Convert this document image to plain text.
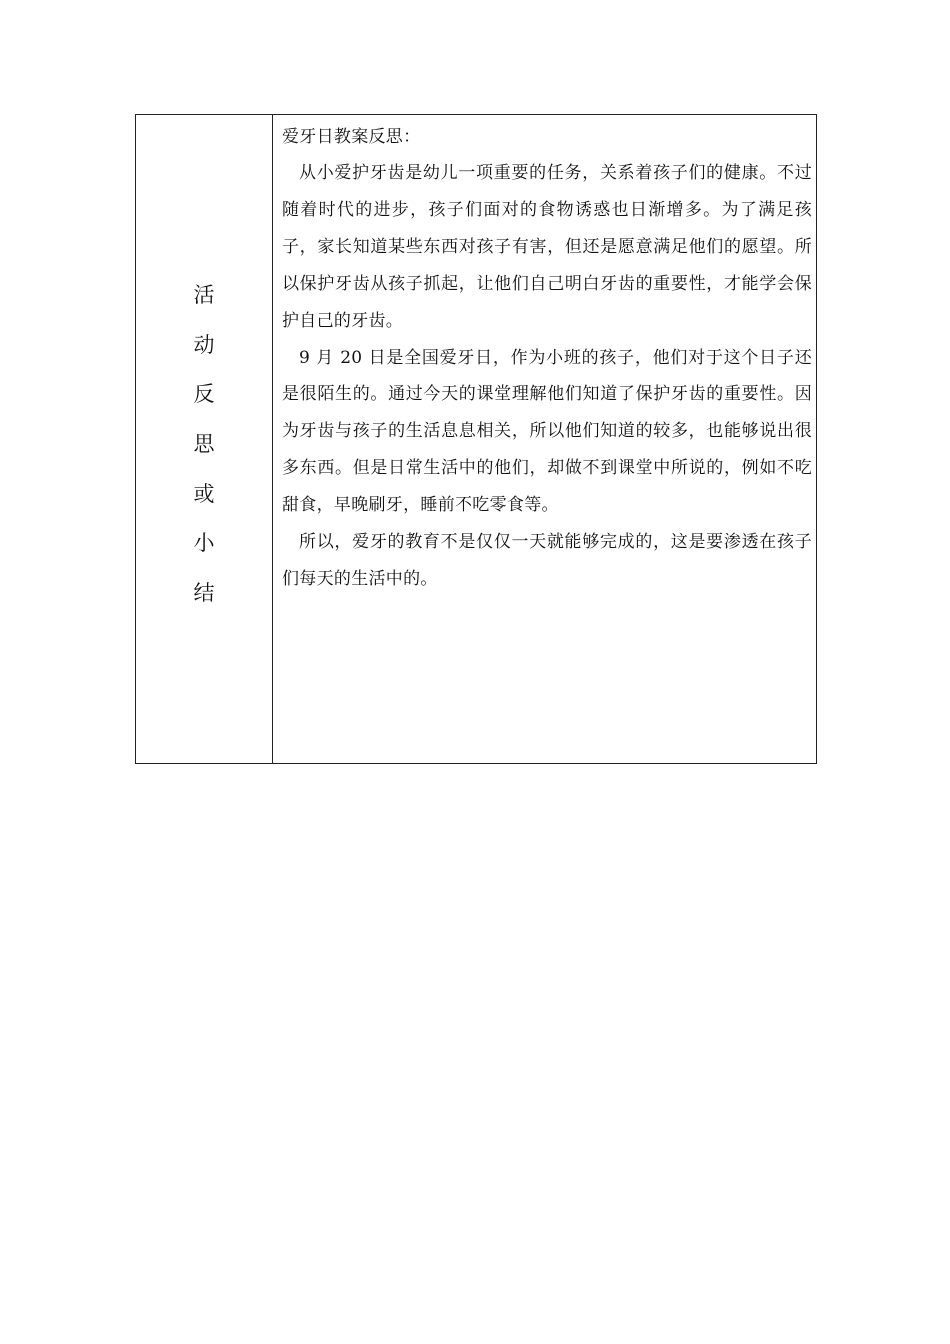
活
动
反
思
或
小
结

爱牙日教案反思：

从小爱护牙齿是幼儿一项重要的任务，关系着孩子们的健康。不过随着时代的进步，孩子们面对的食物诱惑也日渐增多。为了满足孩子，家长知道某些东西对孩子有害，但还是愿意满足他们的愿望。所以保护牙齿从孩子抓起，让他们自己明白牙齿的重要性，才能学会保护自己的牙齿。

9 月 20 日是全国爱牙日，作为小班的孩子，他们对于这个日子还是很陌生的。通过今天的课堂理解他们知道了保护牙齿的重要性。因为牙齿与孩子的生活息息相关，所以他们知道的较多，也能够说出很多东西。但是日常生活中的他们，却做不到课堂中所说的，例如不吃甜食，早晚刷牙，睡前不吃零食等。

所以，爱牙的教育不是仅仅一天就能够完成的，这是要渗透在孩子们每天的生活中的。
